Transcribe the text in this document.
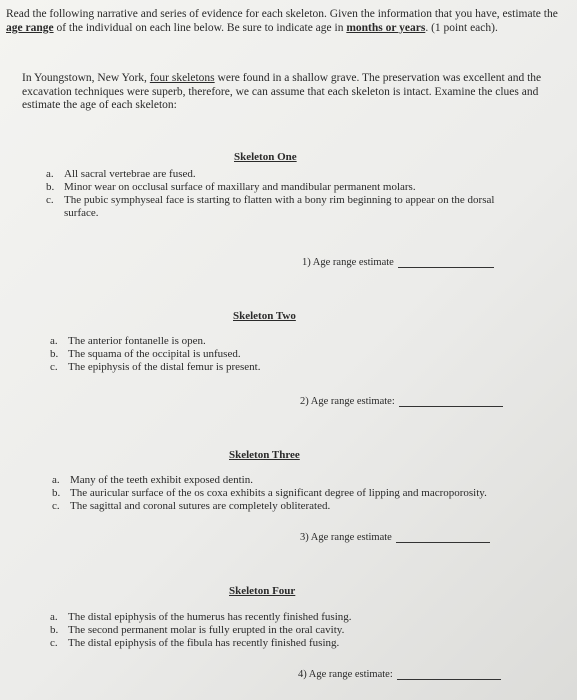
Read the following narrative and series of evidence for each skeleton. Given the information that you have, estimate the age range of the individual on each line below. Be sure to indicate age in months or years. (1 point each).
In Youngstown, New York, four skeletons were found in a shallow grave. The preservation was excellent and the excavation techniques were superb, therefore, we can assume that each skeleton is intact. Examine the clues and estimate the age of each skeleton:
Skeleton One
a. All sacral vertebrae are fused.
b. Minor wear on occlusal surface of maxillary and mandibular permanent molars.
c. The pubic symphyseal face is starting to flatten with a bony rim beginning to appear on the dorsal surface.
1) Age range estimate
Skeleton Two
a. The anterior fontanelle is open.
b. The squama of the occipital is unfused.
c. The epiphysis of the distal femur is present.
2) Age range estimate:
Skeleton Three
a. Many of the teeth exhibit exposed dentin.
b. The auricular surface of the os coxa exhibits a significant degree of lipping and macroporosity.
c. The sagittal and coronal sutures are completely obliterated.
3) Age range estimate
Skeleton Four
a. The distal epiphysis of the humerus has recently finished fusing.
b. The second permanent molar is fully erupted in the oral cavity.
c. The distal epiphysis of the fibula has recently finished fusing.
4) Age range estimate:
